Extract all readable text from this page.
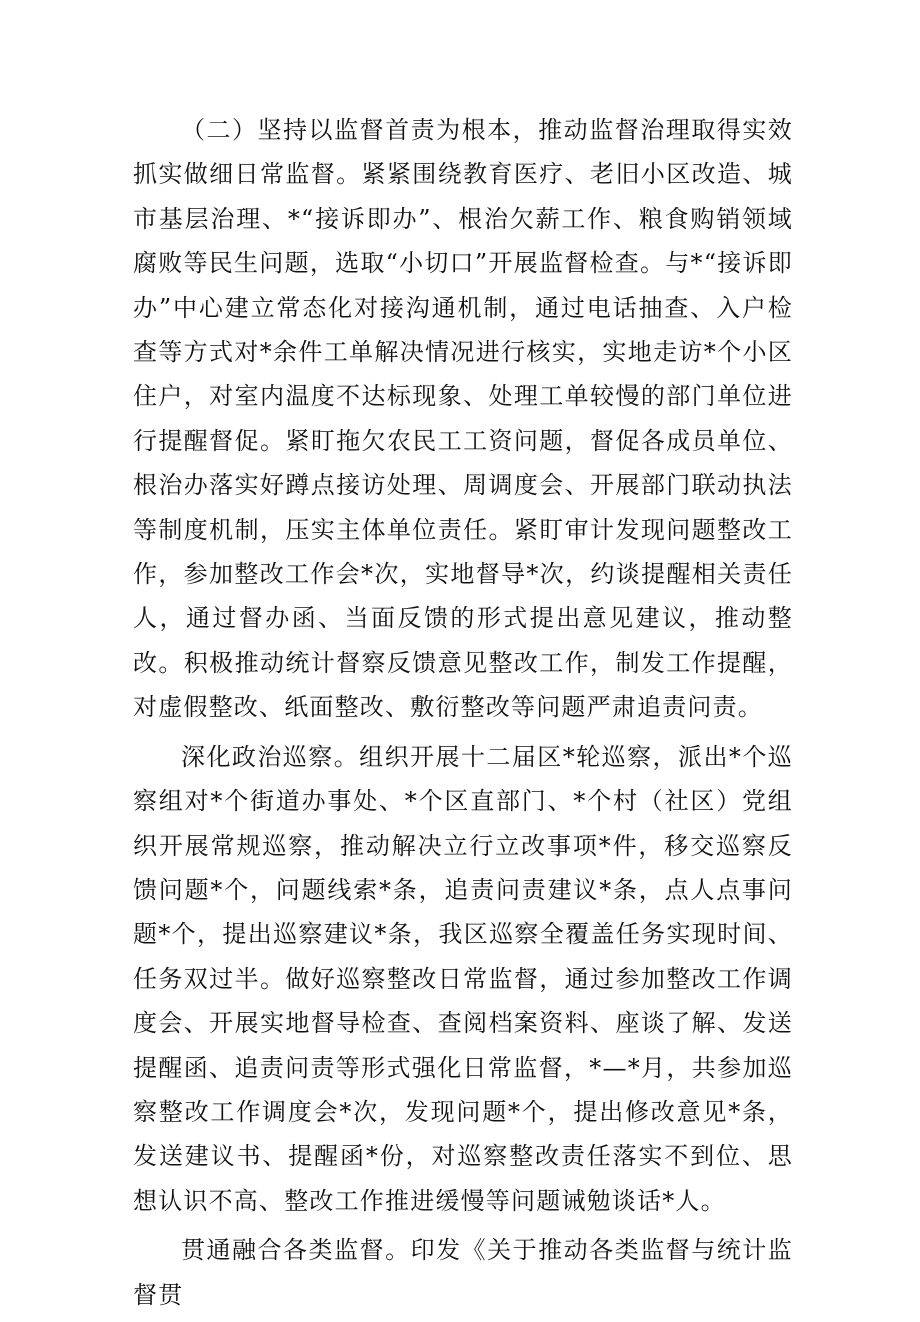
（二）坚持以监督首责为根本，推动监督治理取得实效抓实做细日常监督。紧紧围绕教育医疗、老旧小区改造、城市基层治理、*“接诉即办”、根治欠薪工作、粮食购销领域腐败等民生问题，选取“小切口”开展监督检查。与*“接诉即办”中心建立常态化对接沟通机制，通过电话抽查、入户检查等方式对*余件工单解决情况进行核实，实地走访*个小区住户，对室内温度不达标现象、处理工单较慢的部门单位进行提醒督促。紧盯拖欠农民工工资问题，督促各成员单位、根治办落实好蹲点接访处理、周调度会、开展部门联动执法等制度机制，压实主体单位责任。紧盯审计发现问题整改工作，参加整改工作会*次，实地督导*次，约谈提醒相关责任人，通过督办函、当面反馈的形式提出意见建议，推动整改。积极推动统计督察反馈意见整改工作，制发工作提醒，对虚假整改、纸面整改、敷衍整改等问题严肃追责问责。

深化政治巡察。组织开展十二届区*轮巡察，派出*个巡察组对*个街道办事处、*个区直部门、*个村（社区）党组织开展常规巡察，推动解决立行立改事项*件，移交巡察反馈问题*个，问题线索*条，追责问责建议*条，点人点事问题*个，提出巡察建议*条，我区巡察全覆盖任务实现时间、任务双过半。做好巡察整改日常监督，通过参加整改工作调度会、开展实地督导检查、查阅档案资料、座谈了解、发送提醒函、追责问责等形式强化日常监督，*—*月，共参加巡察整改工作调度会*次，发现问题*个，提出修改意见*条，发送建议书、提醒函*份，对巡察整改责任落实不到位、思想认识不高、整改工作推进缓慢等问题诫勉谈话*人。

贯通融合各类监督。印发《关于推动各类监督与统计监督贯
